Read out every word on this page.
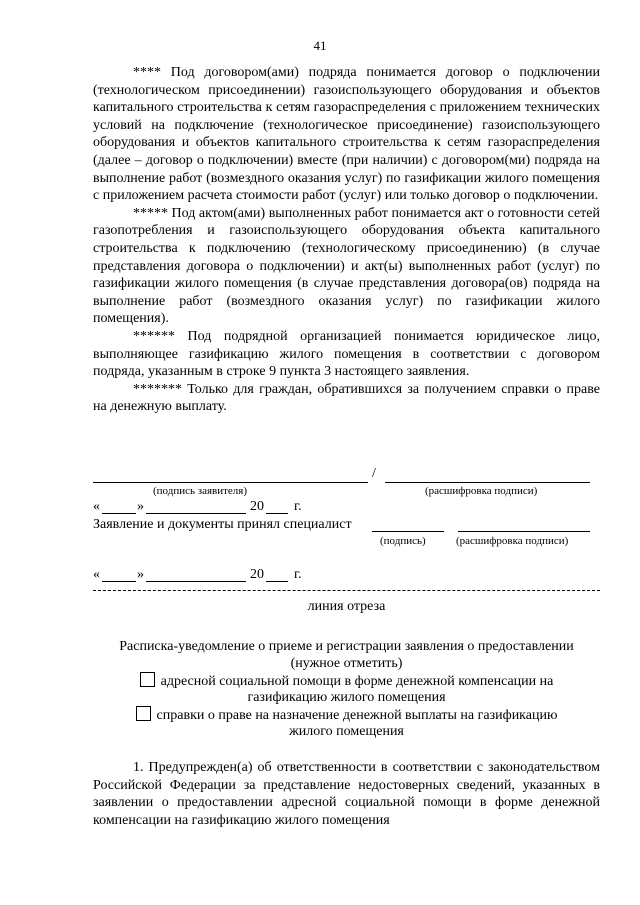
41

**** Под договором(ами) подряда понимается договор о подключении (технологическом присоединении) газоиспользующего оборудования и объектов капитального строительства к сетям газораспределения с приложением технических условий на подключение (технологическое присоединение) газоиспользующего оборудования и объектов капитального строительства к сетям газораспределения (далее – договор о подключении) вместе (при наличии) с договором(ми) подряда на выполнение работ (возмездного оказания услуг) по газификации жилого помещения с приложением расчета стоимости работ (услуг) или только договор о подключении.

***** Под актом(ами) выполненных работ понимается акт о готовности сетей газопотребления и газоиспользующего оборудования объекта капитального строительства к подключению (технологическому присоединению) (в случае представления договора о подключении) и акт(ы) выполненных работ (услуг) по газификации жилого помещения (в случае представления договора(ов) подряда на выполнение работ (возмездного оказания услуг) по газификации жилого помещения).

****** Под подрядной организацией понимается юридическое лицо, выполняющее газификацию жилого помещения в соответствии с договором подряда, указанным в строке 9 пункта 3 настоящего заявления.

******* Только для граждан, обратившихся за получением справки о праве на денежную выплату.

/
(подпись заявителя)	(расшифровка подписи)
«	»	20 г.
Заявление и документы принял специалист
(подпись)	(расшифровка подписи)
«	»	20 г.
линия отреза
Расписка-уведомление о приеме и регистрации заявления о предоставлении
(нужное отметить)
адресной социальной помощи в форме денежной компенсации на
газификацию жилого помещения
справки о праве на назначение денежной выплаты на газификацию
жилого помещения

1. Предупрежден(а) об ответственности в соответствии с законодательством Российской Федерации за представление недостоверных сведений, указанных в заявлении о предоставлении адресной социальной помощи в форме денежной компенсации на газификацию жилого помещения
